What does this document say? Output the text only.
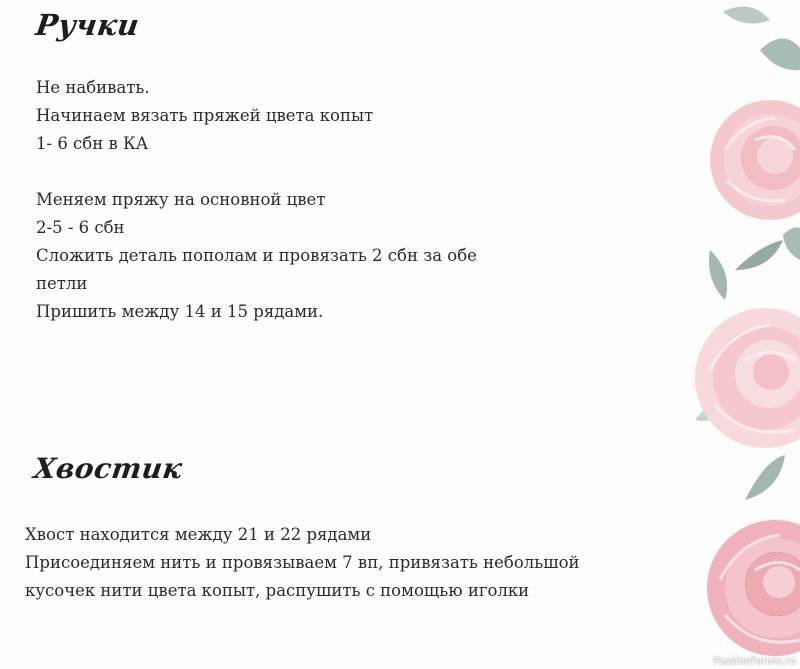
Ручки
Не набивать.
Начинаем вязать пряжей цвета копыт
1- 6 сбн в КА
Меняем пряжу на основной цвет
2-5 - 6 сбн
Сложить деталь пополам и провязать 2 сбн за обе
петли
Пришить между 14 и 15 рядами.
Хвостик
Хвост находится между 21 и 22 рядами
Присоединяем нить и провязываем 7 вп, привязать небольшой
кусочек нити цвета копыт, распушить с помощью иголки
PassionForum.ru
